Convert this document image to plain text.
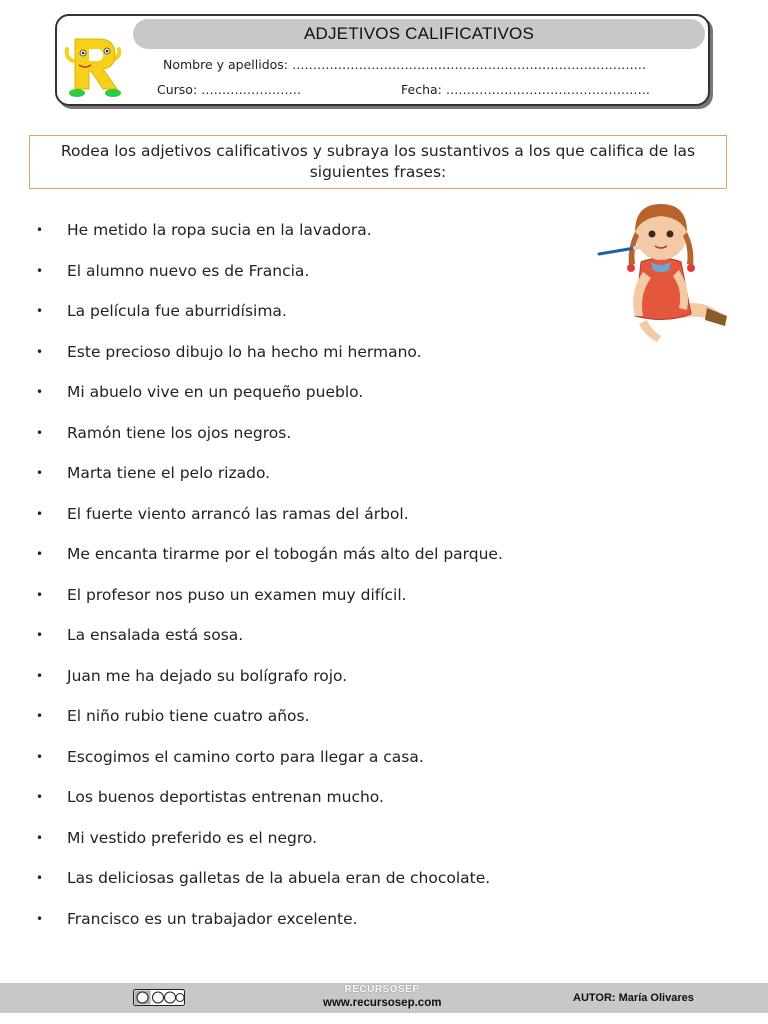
ADJETIVOS CALIFICATIVOS
Nombre y apellidos: ………………………………………………………………………….
Curso: ……………………	Fecha: ………………………………………….
Rodea los adjetivos calificativos y subraya los sustantivos a los que califica de las siguientes frases:
• He metido la ropa sucia en la lavadora.
• El alumno nuevo es de Francia.
• La película fue aburridísima.
• Este precioso dibujo lo ha hecho mi hermano.
• Mi abuelo vive en un pequeño pueblo.
• Ramón tiene los ojos negros.
• Marta tiene el pelo rizado.
• El fuerte viento arrancó las ramas del árbol.
• Me encanta tirarme por el tobogán más alto del parque.
• El profesor nos puso un examen muy difícil.
• La ensalada está sosa.
• Juan me ha dejado su bolígrafo rojo.
• El niño rubio tiene cuatro años.
• Escogimos el camino corto para llegar a casa.
• Los buenos deportistas entrenan mucho.
• Mi vestido preferido es el negro.
• Las deliciosas galletas de la abuela eran de chocolate.
• Francisco es un trabajador excelente.
RECURSOSEP
www.recursosep.com	AUTOR: María Olivares
